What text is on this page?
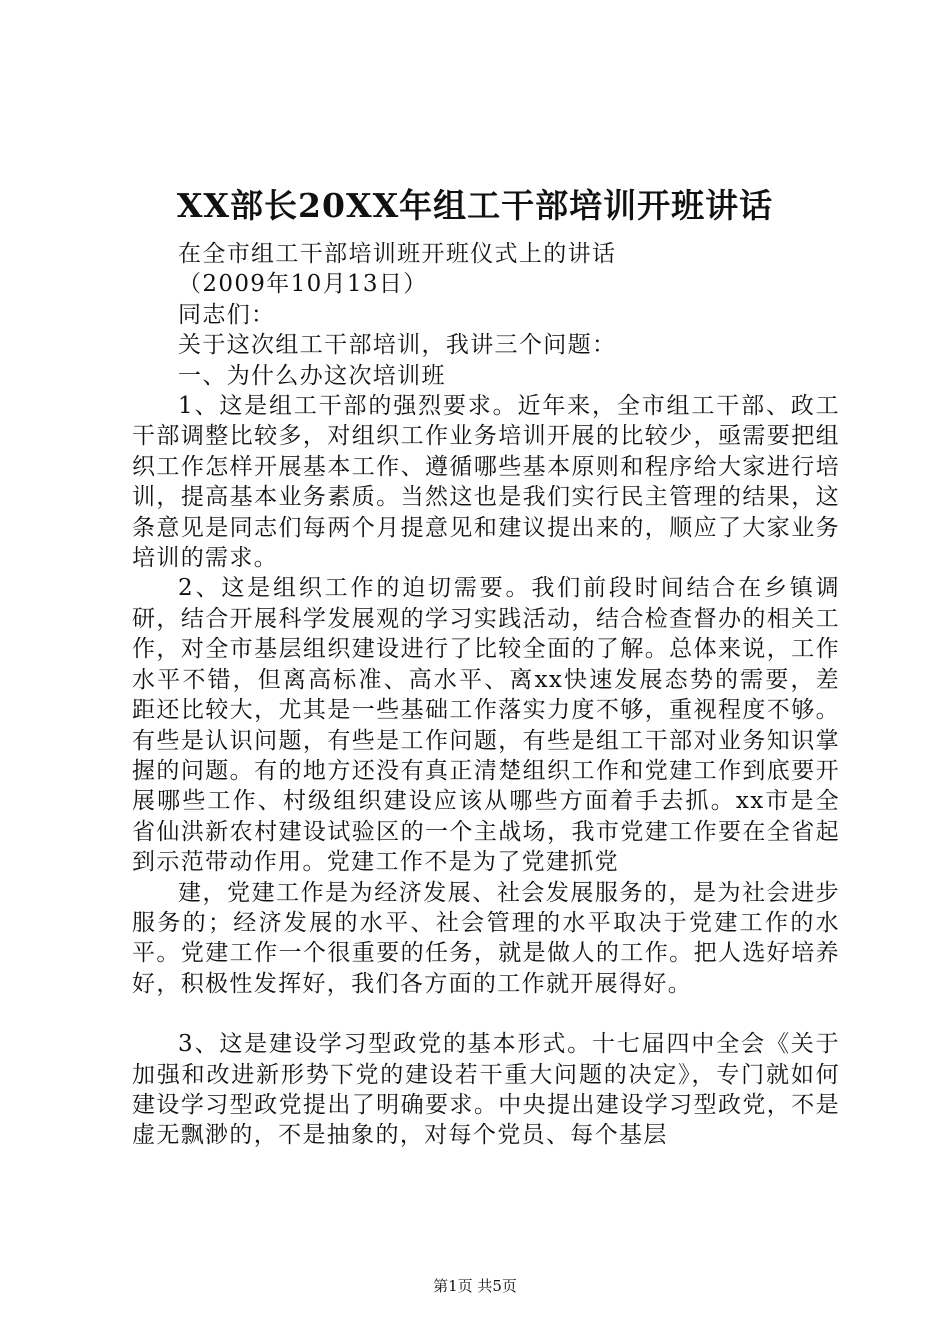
XX部长20XX年组工干部培训开班讲话

在全市组工干部培训班开班仪式上的讲话

（2009年10月13日）

同志们：

关于这次组工干部培训，我讲三个问题：

一、为什么办这次培训班

1、这是组工干部的强烈要求。近年来，全市组工干部、政工干部调整比较多，对组织工作业务培训开展的比较少，亟需要把组织工作怎样开展基本工作、遵循哪些基本原则和程序给大家进行培训，提高基本业务素质。当然这也是我们实行民主管理的结果，这条意见是同志们每两个月提意见和建议提出来的，顺应了大家业务培训的需求。

2、这是组织工作的迫切需要。我们前段时间结合在乡镇调研，结合开展科学发展观的学习实践活动，结合检查督办的相关工作，对全市基层组织建设进行了比较全面的了解。总体来说，工作水平不错，但离高标准、高水平、离xx快速发展态势的需要，差距还比较大，尤其是一些基础工作落实力度不够，重视程度不够。有些是认识问题，有些是工作问题，有些是组工干部对业务知识掌握的问题。有的地方还没有真正清楚组织工作和党建工作到底要开展哪些工作、村级组织建设应该从哪些方面着手去抓。xx市是全省仙洪新农村建设试验区的一个主战场，我市党建工作要在全省起到示范带动作用。党建工作不是为了党建抓党

建，党建工作是为经济发展、社会发展服务的，是为社会进步服务的；经济发展的水平、社会管理的水平取决于党建工作的水平。党建工作一个很重要的任务，就是做人的工作。把人选好培养好，积极性发挥好，我们各方面的工作就开展得好。

3、这是建设学习型政党的基本形式。十七届四中全会《关于加强和改进新形势下党的建设若干重大问题的决定》，专门就如何建设学习型政党提出了明确要求。中央提出建设学习型政党，不是虚无飘渺的，不是抽象的，对每个党员、每个基层

第1页 共5页
